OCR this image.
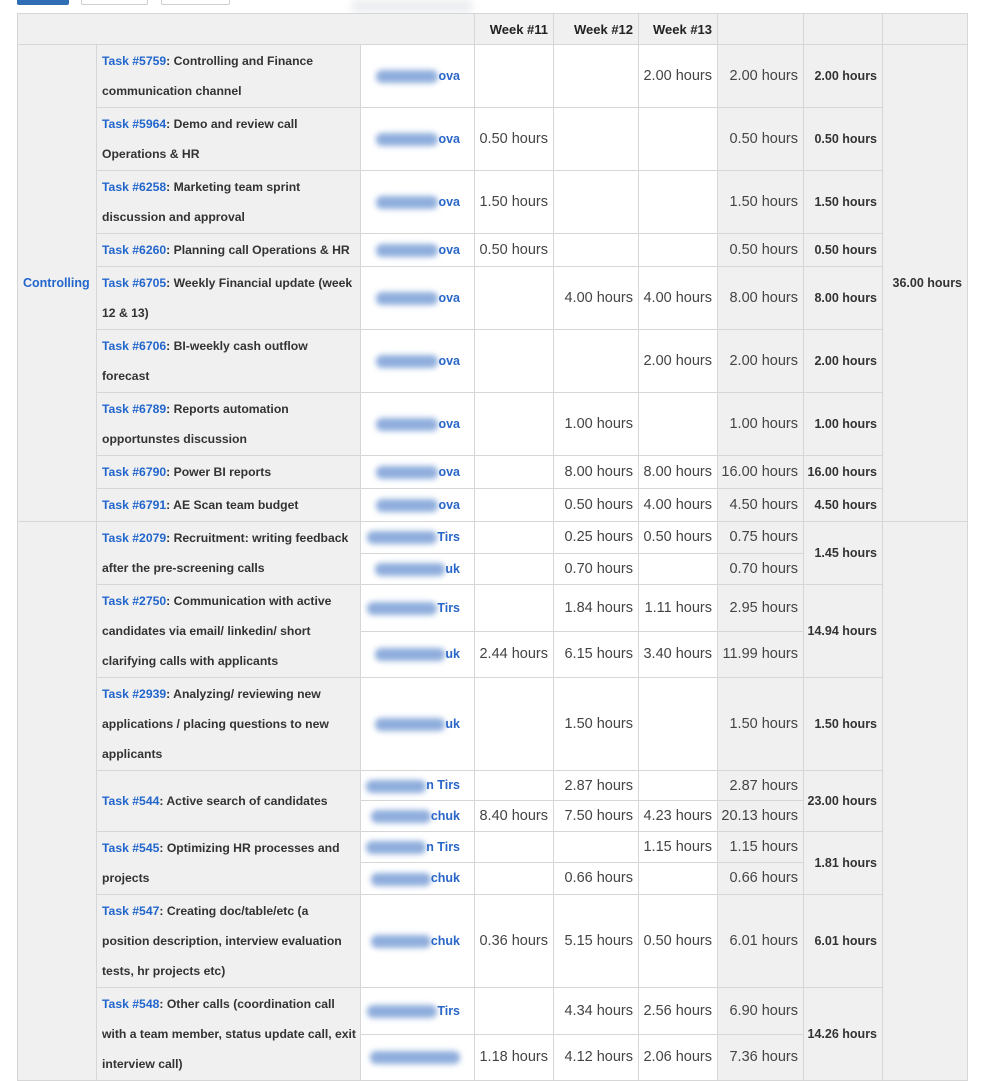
			Week #11	Week #12	Week #13			
Controlling	Task #5759: Controlling and Finance communication channel	ova			2.00 hours	2.00 hours	2.00 hours	36.00 hours
	Task #5964: Demo and review call Operations & HR	ova	0.50 hours			0.50 hours	0.50 hours	
	Task #6258: Marketing team sprint discussion and approval	ova	1.50 hours			1.50 hours	1.50 hours	
	Task #6260: Planning call Operations & HR	ova	0.50 hours			0.50 hours	0.50 hours	
	Task #6705: Weekly Financial update (week 12 & 13)	ova		4.00 hours	4.00 hours	8.00 hours	8.00 hours	
	Task #6706: BI-weekly cash outflow forecast	ova			2.00 hours	2.00 hours	2.00 hours	
	Task #6789: Reports automation opportunstes discussion	ova		1.00 hours		1.00 hours	1.00 hours	
	Task #6790: Power BI reports	ova		8.00 hours	8.00 hours	16.00 hours	16.00 hours	
	Task #6791: AE Scan team budget	ova		0.50 hours	4.00 hours	4.50 hours	4.50 hours	
	Task #2079: Recruitment: writing feedback after the pre-screening calls	Tirs		0.25 hours	0.50 hours	0.75 hours	1.45 hours	
		uk		0.70 hours		0.70 hours		
	Task #2750: Communication with active candidates via email/ linkedin/ short clarifying calls with applicants	Tirs		1.84 hours	1.11 hours	2.95 hours	14.94 hours	
		uk	2.44 hours	6.15 hours	3.40 hours	11.99 hours		
	Task #2939: Analyzing/ reviewing new applications / placing questions to new applicants	uk		1.50 hours		1.50 hours	1.50 hours	
	Task #544: Active search of candidates	n Tirs		2.87 hours		2.87 hours	23.00 hours	
		chuk	8.40 hours	7.50 hours	4.23 hours	20.13 hours		
	Task #545: Optimizing HR processes and projects	n Tirs			1.15 hours	1.15 hours	1.81 hours	
		chuk		0.66 hours		0.66 hours		
	Task #547: Creating doc/table/etc (a position description, interview evaluation tests, hr projects etc)	chuk	0.36 hours	5.15 hours	0.50 hours	6.01 hours	6.01 hours	
	Task #548: Other calls (coordination call with a team member, status update call, exit interview call)	Tirs		4.34 hours	2.56 hours	6.90 hours	14.26 hours	
			1.18 hours	4.12 hours	2.06 hours	7.36 hours		
